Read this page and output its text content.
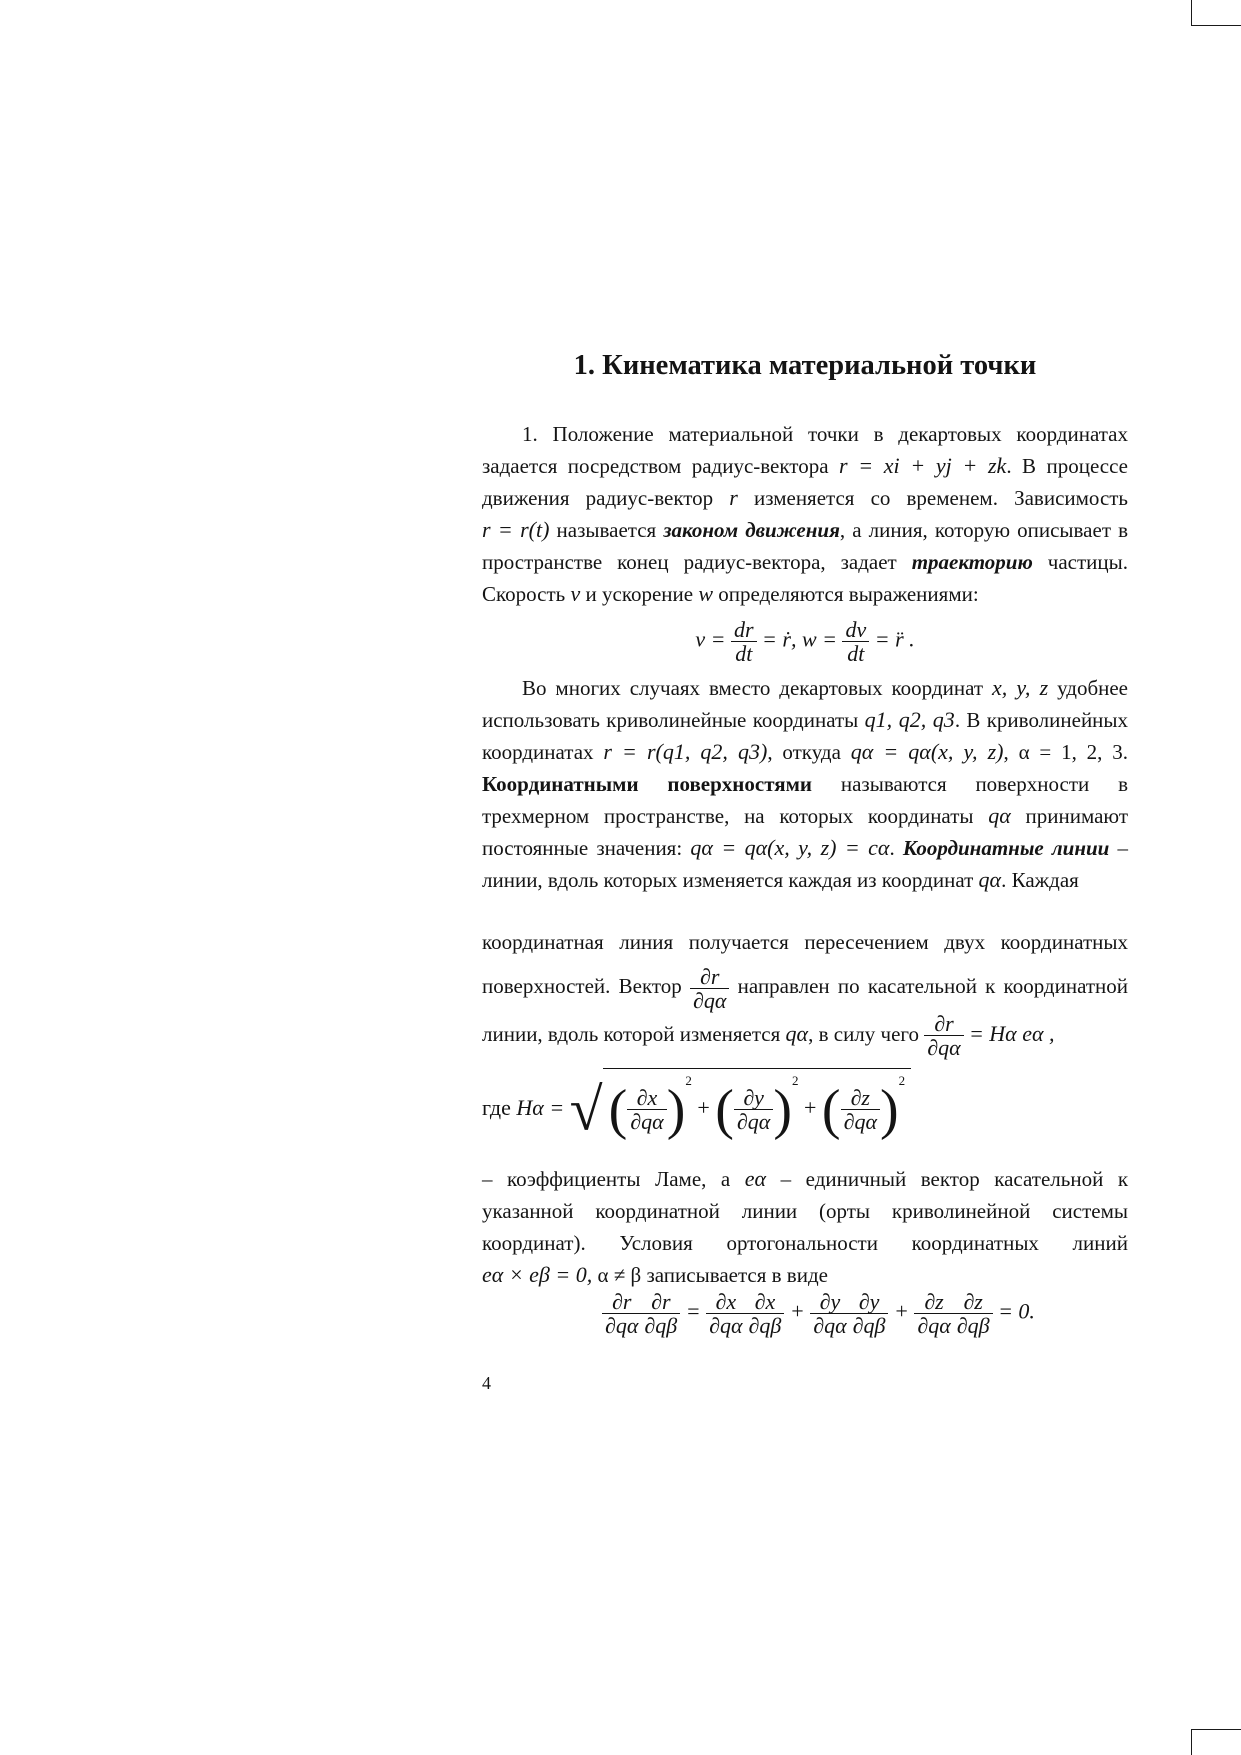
1. Кинематика материальной точки

1. Положение материальной точки в декартовых координатах задается посредством радиус-вектора r = xi + yj + zk. В процессе движения радиус-вектор r изменяется со временем. Зависимость r = r(t) называется законом движения, а линия, которую описывает в пространстве конец радиус-вектора, задает траекторию частицы. Скорость v и ускорение w определяются выражениями:

$v = \frac{dr}{dt}$ = ṙ, $w = \frac{dv}{dt}$ = r̈ .

Во многих случаях вместо декартовых координат x, y, z удобнее использовать криволинейные координаты q1, q2, q3. В криволинейных координатах r = r(q1, q2, q3), откуда qα = qα(x, y, z), α = 1, 2, 3. Координатными поверхностями называются поверхности в трехмерном пространстве, на которых координаты qα принимают постоянные значения: qα = qα(x, y, z) = cα. Координатные линии – линии, вдоль которых изменяется каждая из координат qα. Каждая

координатная линия получается пересечением двух координатных поверхностей. Вектор $\frac{\partial r}{\partial q\alpha}$ направлен по касательной к координатной линии, вдоль которой изменяется qα, в силу чего $\frac{\partial r}{\partial q\alpha} = H\alpha$ eα ,

где Hα = √ ( $\frac{\partial x}{\partial q\alpha} )^2$ + ( $\frac{\partial y}{\partial q\alpha} )^2$ + ( $\frac{\partial z}{\partial q\alpha} )^2$

– коэффициенты Ламе, а eα – единичный вектор касательной к указанной координатной линии (орты криволинейной системы координат). Условия ортогональности координатных линий eα × eβ = 0, α ≠ β записывается в виде

$\frac{\partial r}{\partial q\alpha} \frac{\partial r}{\partial q\beta} = \frac{\partial x}{\partial q\alpha} \frac{\partial x}{\partial q\beta} + \frac{\partial y}{\partial q\alpha} \frac{\partial y}{\partial q\beta} + \frac{\partial z}{\partial q\alpha} \frac{\partial z}{\partial q\beta} = 0$.
4
